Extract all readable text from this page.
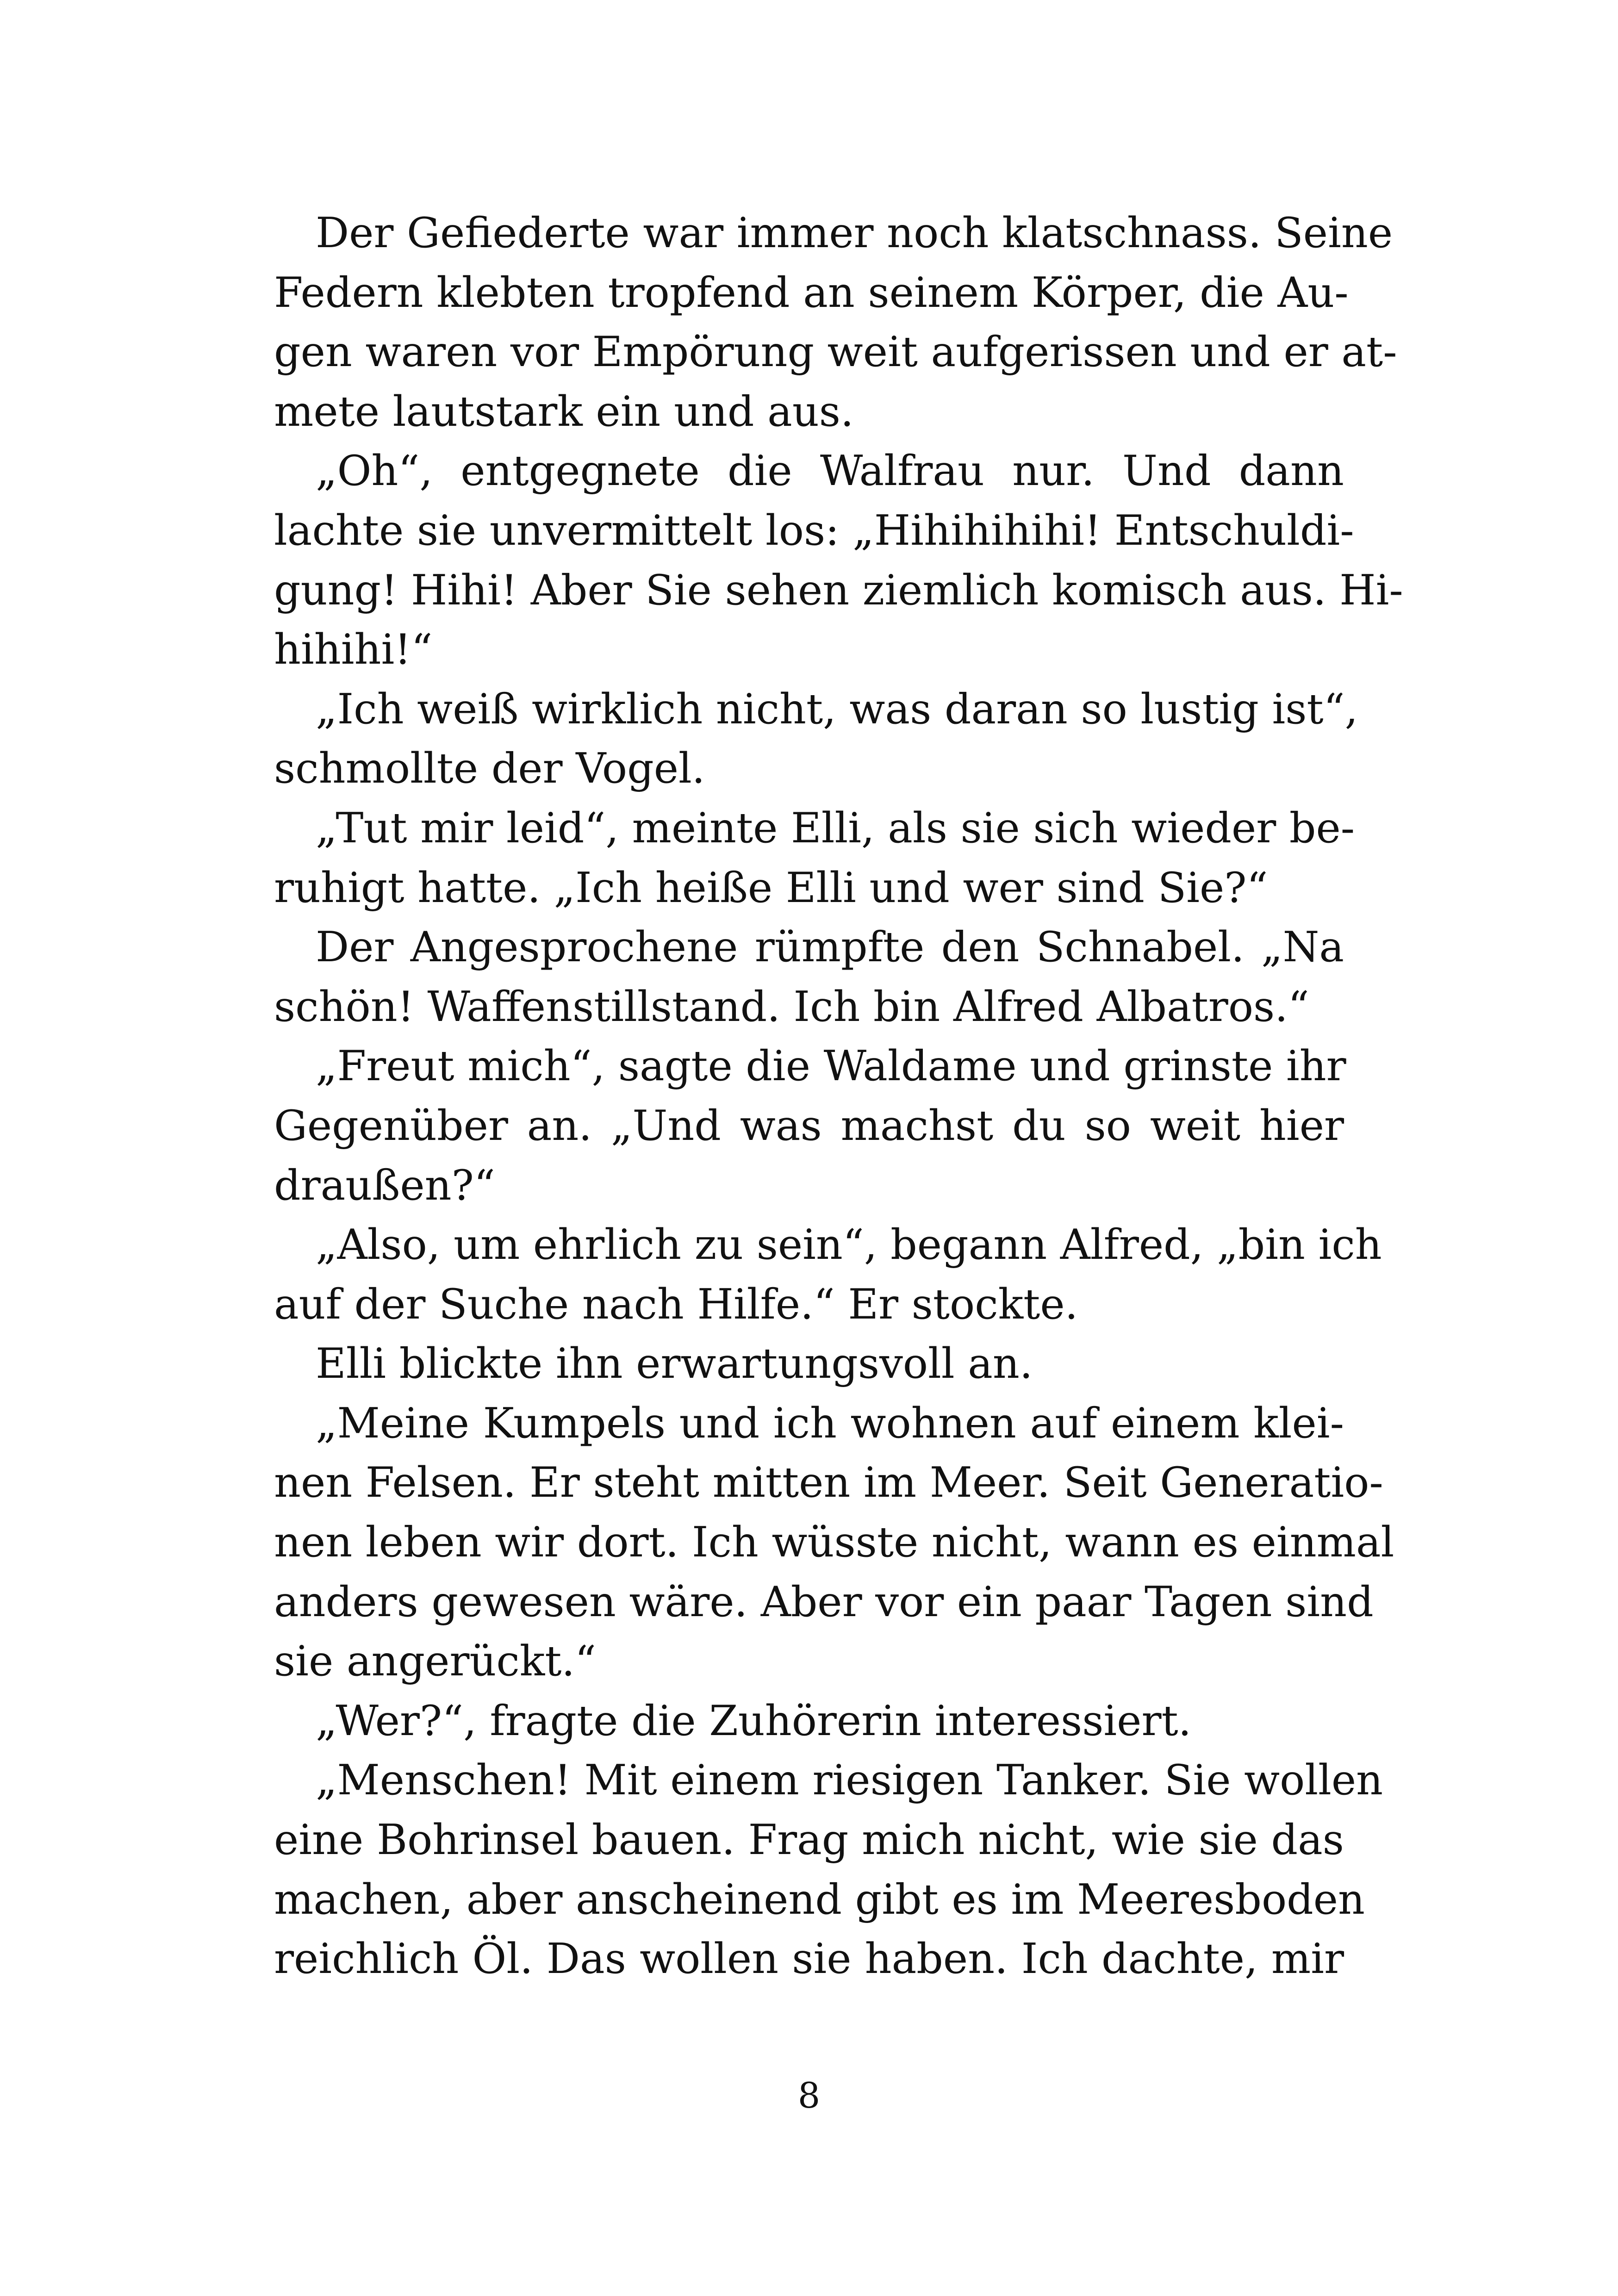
 Der Gefiederte war immer noch klatschnass. Seine
Federn klebten tropfend an seinem Körper, die Au-
gen waren vor Empörung weit aufgerissen und er at-
mete lautstark ein und aus.
 „Oh“, entgegnete die Walfrau nur. Und dann
lachte sie unvermittelt los: „Hihihihihi! Entschuldi-
gung! Hihi! Aber Sie sehen ziemlich komisch aus. Hi-
hihihi!“
 „Ich weiß wirklich nicht, was daran so lustig ist“,
schmollte der Vogel.
 „Tut mir leid“, meinte Elli, als sie sich wieder be-
ruhigt hatte. „Ich heiße Elli und wer sind Sie?“
 Der Angesprochene rümpfte den Schnabel. „Na
schön! Waffenstillstand. Ich bin Alfred Albatros.“
 „Freut mich“, sagte die Waldame und grinste ihr
Gegenüber an. „Und was machst du so weit hier
draußen?“
 „Also, um ehrlich zu sein“, begann Alfred, „bin ich
auf der Suche nach Hilfe.“ Er stockte.
 Elli blickte ihn erwartungsvoll an.
 „Meine Kumpels und ich wohnen auf einem klei-
nen Felsen. Er steht mitten im Meer. Seit Generatio-
nen leben wir dort. Ich wüsste nicht, wann es einmal
anders gewesen wäre. Aber vor ein paar Tagen sind
sie angerückt.“
 „Wer?“, fragte die Zuhörerin interessiert.
 „Menschen! Mit einem riesigen Tanker. Sie wollen
eine Bohrinsel bauen. Frag mich nicht, wie sie das
machen, aber anscheinend gibt es im Meeresboden
reichlich Öl. Das wollen sie haben. Ich dachte, mir
8
